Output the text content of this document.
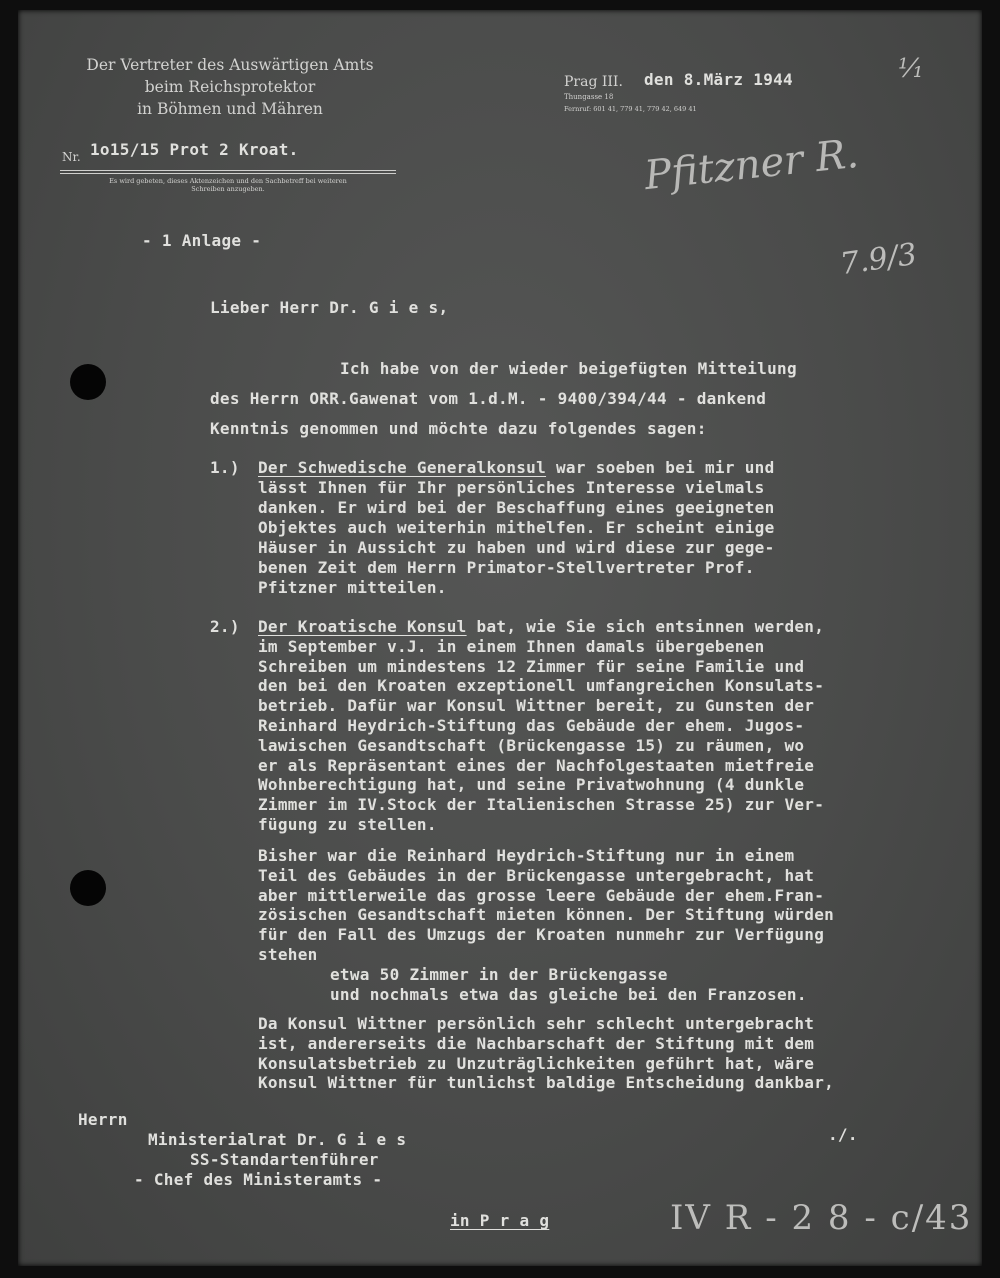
Der Vertreter des Auswärtigen Amts
beim Reichsprotektor
in Böhmen und Mähren
Nr. 1o15/15 Prot 2 Kroat.
Es wird gebeten, dieses Aktenzeichen und den Sachbetreff bei weiteren
Schreiben anzugeben.
Prag III. den 8.März 1944
Thungasse 18
Fernruf: 601 41, 779 41, 779 42, 649 41
¹⁄₁
Pfitzner R.
7.9/3
- 1 Anlage -
Lieber Herr Dr. G i e s,
Ich habe von der wieder beigefügten Mitteilung
des Herrn ORR.Gawenat vom 1.d.M. - 9400/394/44 - dankend
Kenntnis genommen und möchte dazu folgendes sagen:
1.) Der Schwedische Generalkonsul war soeben bei mir und
lässt Ihnen für Ihr persönliches Interesse vielmals
danken. Er wird bei der Beschaffung eines geeigneten
Objektes auch weiterhin mithelfen. Er scheint einige
Häuser in Aussicht zu haben und wird diese zur gege-
benen Zeit dem Herrn Primator-Stellvertreter Prof.
Pfitzner mitteilen.
2.) Der Kroatische Konsul bat, wie Sie sich entsinnen werden,
im September v.J. in einem Ihnen damals übergebenen
Schreiben um mindestens 12 Zimmer für seine Familie und
den bei den Kroaten exzeptionell umfangreichen Konsulats-
betrieb. Dafür war Konsul Wittner bereit, zu Gunsten der
Reinhard Heydrich-Stiftung das Gebäude der ehem. Jugos-
lawischen Gesandtschaft (Brückengasse 15) zu räumen, wo
er als Repräsentant eines der Nachfolgestaaten mietfreie
Wohnberechtigung hat, und seine Privatwohnung (4 dunkle
Zimmer im IV.Stock der Italienischen Strasse 25) zur Ver-
fügung zu stellen.
Bisher war die Reinhard Heydrich-Stiftung nur in einem
Teil des Gebäudes in der Brückengasse untergebracht, hat
aber mittlerweile das grosse leere Gebäude der ehem.Fran-
zösischen Gesandtschaft mieten können. Der Stiftung würden
für den Fall des Umzugs der Kroaten nunmehr zur Verfügung
stehen
etwa 50 Zimmer in der Brückengasse
und nochmals etwa das gleiche bei den Franzosen.
Da Konsul Wittner persönlich sehr schlecht untergebracht
ist, andererseits die Nachbarschaft der Stiftung mit dem
Konsulatsbetrieb zu Unzuträglichkeiten geführt hat, wäre
Konsul Wittner für tunlichst baldige Entscheidung dankbar,
./.
Herrn
Ministerialrat Dr. G i e s
SS-Standartenführer
- Chef des Ministeramts -
in P r a g	IV R - 2 8 - c/43
